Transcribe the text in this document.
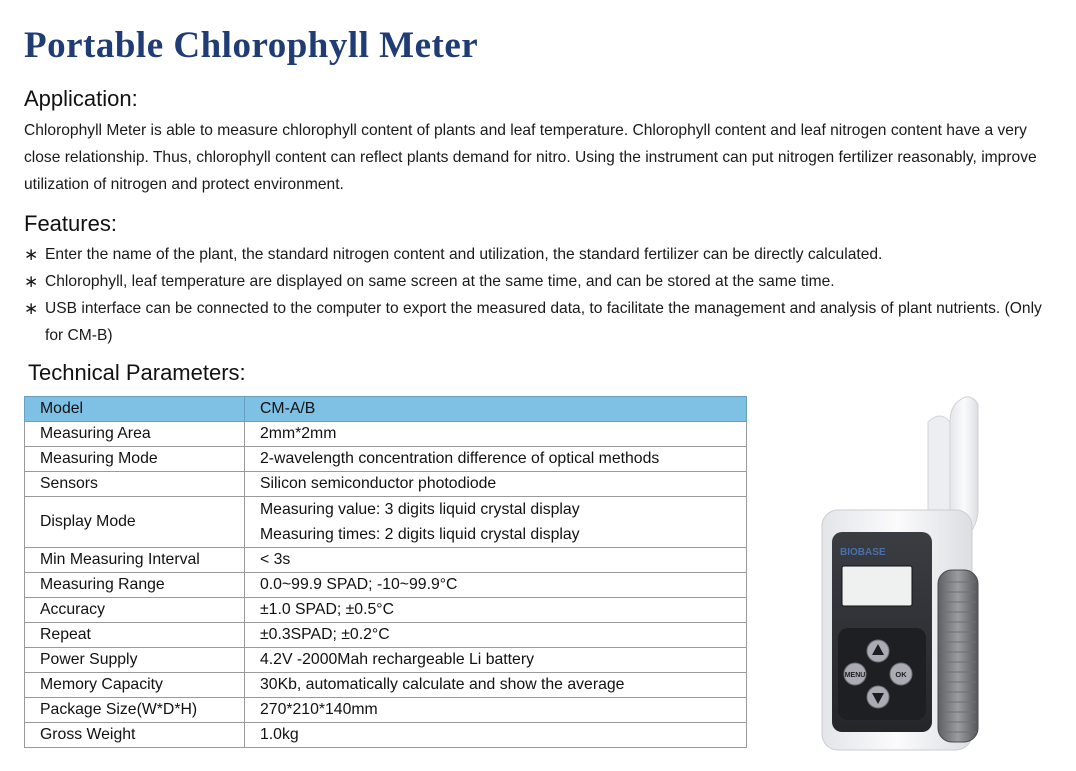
Portable Chlorophyll Meter
Application:

Chlorophyll Meter is able to measure chlorophyll content of plants and leaf temperature. Chlorophyll content and leaf nitrogen content have a very close relationship. Thus, chlorophyll content can reflect plants demand for nitro. Using the instrument can put nitrogen fertilizer reasonably, improve utilization of nitrogen and protect environment.

Features:
∗ Enter the name of the plant, the standard nitrogen content and utilization, the standard fertilizer can be directly calculated.
∗ Chlorophyll, leaf temperature are displayed on same screen at the same time, and can be stored at the same time.
∗ USB interface can be connected to the computer to export the measured data, to facilitate the management and analysis of plant nutrients. (Only for CM-B)
Technical Parameters:
Model	CM-A/B
Measuring Area	2mm*2mm
Measuring Mode	2-wavelength concentration difference of optical methods
Sensors	Silicon semiconductor photodiode
Display Mode	Measuring value: 3 digits liquid crystal display
Measuring times: 2 digits liquid crystal display

Min Measuring Interval	< 3s
Measuring Range	0.0~99.9 SPAD; -10~99.9°C
Accuracy	±1.0 SPAD; ±0.5°C
Repeat	±0.3SPAD; ±0.2°C
Power Supply	4.2V -2000Mah rechargeable Li battery
Memory Capacity	30Kb, automatically calculate and show the average
Package Size(W*D*H)	270*210*140mm
Gross Weight	1.0kg
BIOBASE
MENU	OK
